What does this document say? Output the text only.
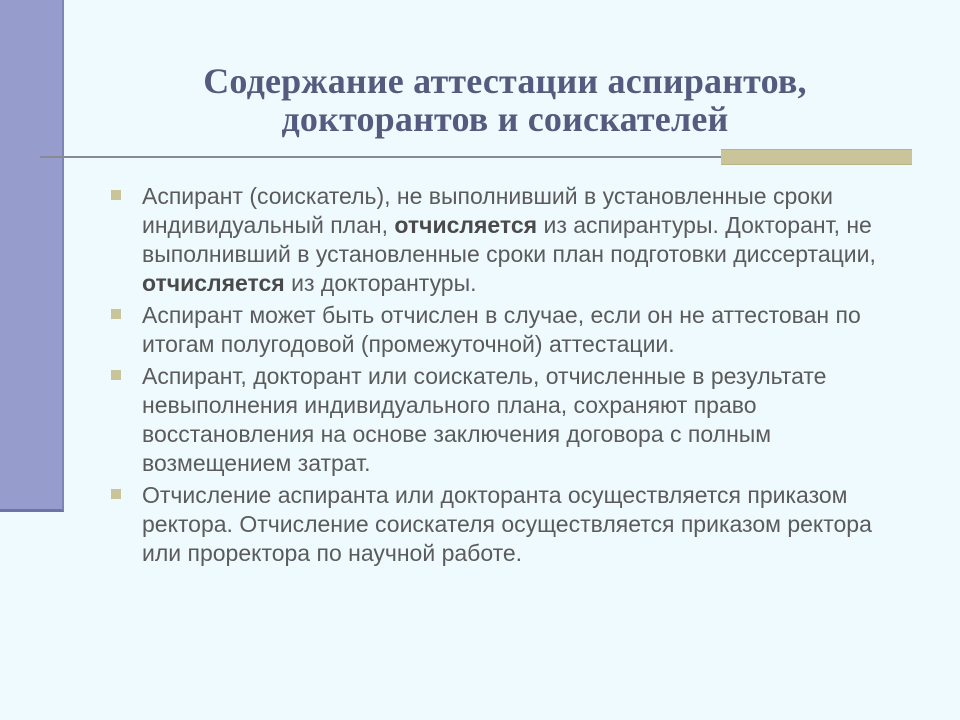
Содержание аттестации аспирантов,
докторантов и соискателей
Аспирант (соискатель), не выполнивший в установленные сроки индивидуальный план, отчисляется из аспирантуры. Докторант, не выполнивший в установленные сроки план подготовки диссертации, отчисляется из докторантуры.
Аспирант может быть отчислен в случае, если он не аттестован по итогам полугодовой (промежуточной) аттестации.
Аспирант, докторант или соискатель, отчисленные в результате невыполнения индивидуального плана, сохраняют право восстановления на основе заключения договора с полным возмещением затрат.
Отчисление аспиранта или докторанта осуществляется приказом ректора. Отчисление соискателя осуществляется приказом ректора или проректора по научной работе.
